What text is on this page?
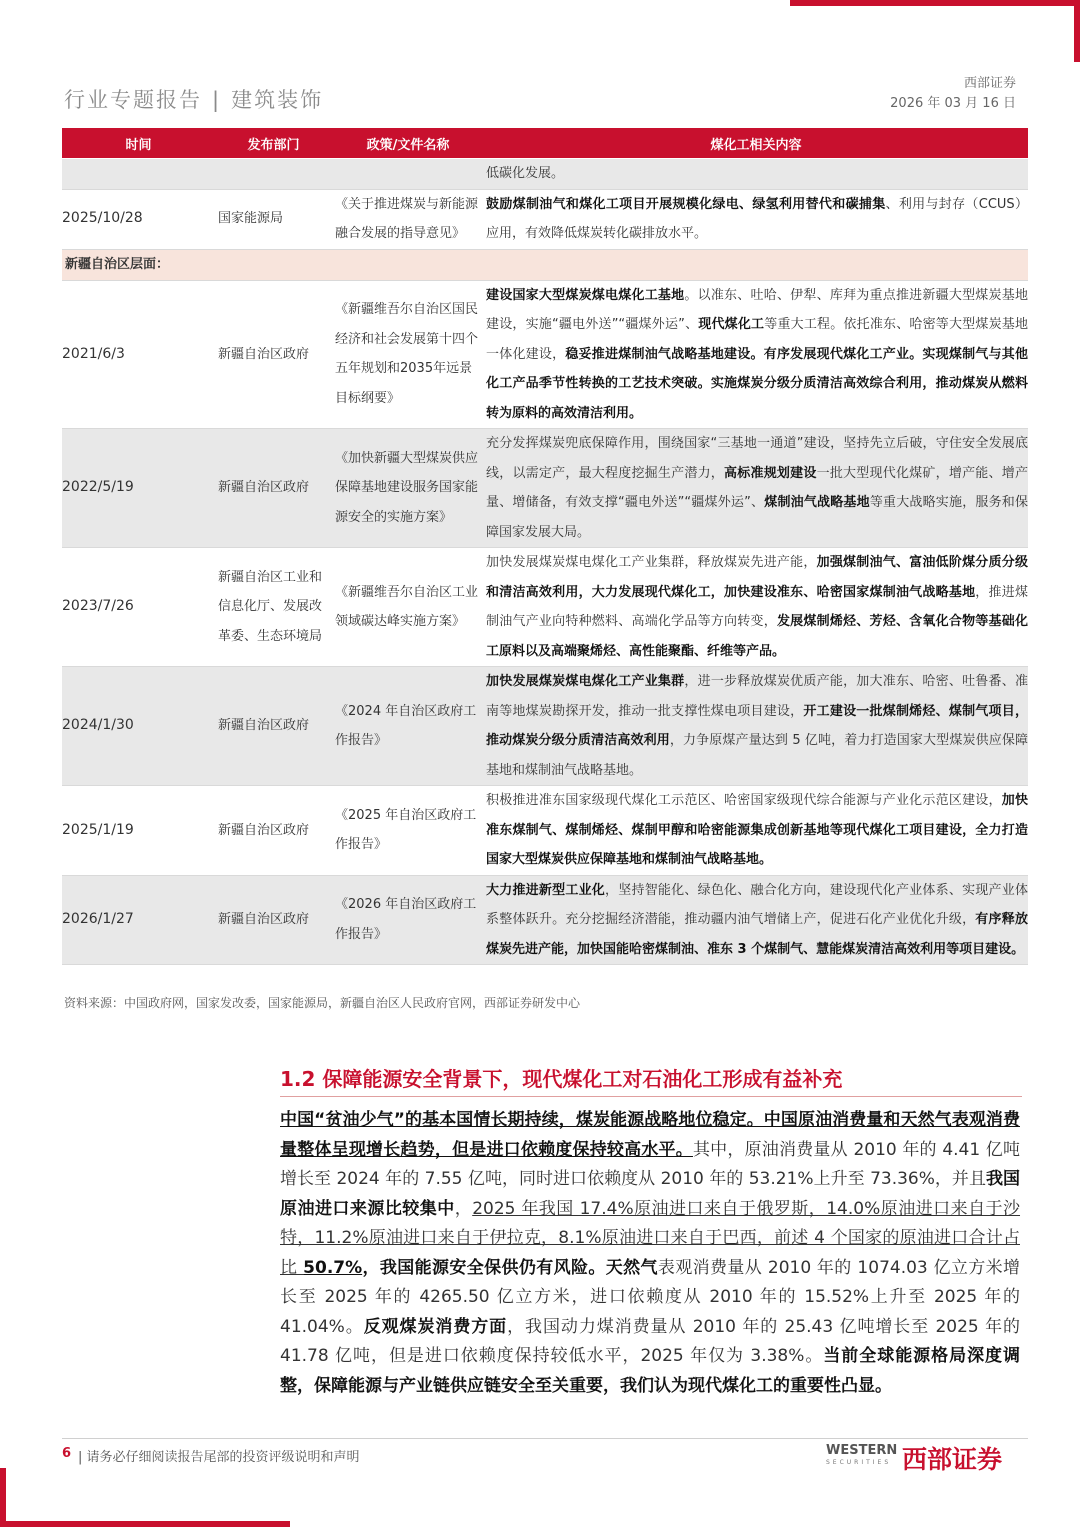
行业专题报告 | 建筑装饰
西部证券
2026 年 03 月 16 日
时间	发布部门	政策/文件名称	煤化工相关内容
			低碳化发展。
2025/10/28	国家能源局	《关于推进煤炭与新能源融合发展的指导意见》	鼓励煤制油气和煤化工项目开展规模化绿电、绿氢利用替代和碳捕集、利用与封存（CCUS）应用，有效降低煤炭转化碳排放水平。
新疆自治区层面：			
2021/6/3	新疆自治区政府	《新疆维吾尔自治区国民经济和社会发展第十四个五年规划和2035年远景目标纲要》	建设国家大型煤炭煤电煤化工基地。以准东、吐哈、伊犁、库拜为重点推进新疆大型煤炭基地建设，实施“疆电外送”“疆煤外运”、现代煤化工等重大工程。依托准东、哈密等大型煤炭基地一体化建设，稳妥推进煤制油气战略基地建设。有序发展现代煤化工产业。实现煤制气与其他化工产品季节性转换的工艺技术突破。实施煤炭分级分质清洁高效综合利用，推动煤炭从燃料转为原料的高效清洁利用。
2022/5/19	新疆自治区政府	《加快新疆大型煤炭供应保障基地建设服务国家能源安全的实施方案》	充分发挥煤炭兜底保障作用，围绕国家“三基地一通道”建设，坚持先立后破，守住安全发展底线，以需定产，最大程度挖掘生产潜力，高标准规划建设一批大型现代化煤矿，增产能、增产量、增储备，有效支撑“疆电外送”“疆煤外运”、煤制油气战略基地等重大战略实施，服务和保障国家发展大局。
2023/7/26	新疆自治区工业和信息化厅、发展改革委、生态环境局	《新疆维吾尔自治区工业领域碳达峰实施方案》	加快发展煤炭煤电煤化工产业集群，释放煤炭先进产能，加强煤制油气、富油低阶煤分质分级和清洁高效利用，大力发展现代煤化工，加快建设准东、哈密国家煤制油气战略基地，推进煤制油气产业向特种燃料、高端化学品等方向转变，发展煤制烯烃、芳烃、含氧化合物等基础化工原料以及高端聚烯烃、高性能聚酯、纤维等产品。
2024/1/30	新疆自治区政府	《2024 年自治区政府工作报告》	加快发展煤炭煤电煤化工产业集群，进一步释放煤炭优质产能，加大准东、哈密、吐鲁番、准南等地煤炭勘探开发，推动一批支撑性煤电项目建设，开工建设一批煤制烯烃、煤制气项目，推动煤炭分级分质清洁高效利用，力争原煤产量达到 5 亿吨，着力打造国家大型煤炭供应保障基地和煤制油气战略基地。
2025/1/19	新疆自治区政府	《2025 年自治区政府工作报告》	积极推进准东国家级现代煤化工示范区、哈密国家级现代综合能源与产业化示范区建设，加快准东煤制气、煤制烯烃、煤制甲醇和哈密能源集成创新基地等现代煤化工项目建设，全力打造国家大型煤炭供应保障基地和煤制油气战略基地。
2026/1/27	新疆自治区政府	《2026 年自治区政府工作报告》	大力推进新型工业化，坚持智能化、绿色化、融合化方向，建设现代化产业体系、实现产业体系整体跃升。充分挖掘经济潜能，推动疆内油气增储上产，促进石化产业优化升级，有序释放煤炭先进产能，加快国能哈密煤制油、准东 3 个煤制气、慧能煤炭清洁高效利用等项目建设。
资料来源：中国政府网，国家发改委，国家能源局，新疆自治区人民政府官网，西部证券研发中心
1.2 保障能源安全背景下，现代煤化工对石油化工形成有益补充
中国“贫油少气”的基本国情长期持续，煤炭能源战略地位稳定。中国原油消费量和天然气表观消费量整体呈现增长趋势，但是进口依赖度保持较高水平。其中，原油消费量从 2010 年的 4.41 亿吨增长至 2024 年的 7.55 亿吨，同时进口依赖度从 2010 年的 53.21%上升至 73.36%，并且我国原油进口来源比较集中，2025 年我国 17.4%原油进口来自于俄罗斯，14.0%原油进口来自于沙特，11.2%原油进口来自于伊拉克，8.1%原油进口来自于巴西，前述 4 个国家的原油进口合计占比 50.7%，我国能源安全保供仍有风险。天然气表观消费量从 2010 年的 1074.03 亿立方米增长至 2025 年的 4265.50 亿立方米，进口依赖度从 2010 年的 15.52%上升至 2025 年的 41.04%。反观煤炭消费方面，我国动力煤消费量从 2010 年的 25.43 亿吨增长至 2025 年的 41.78 亿吨，但是进口依赖度保持较低水平，2025 年仅为 3.38%。当前全球能源格局深度调整，保障能源与产业链供应链安全至关重要，我们认为现代煤化工的重要性凸显。
6 | 请务必仔细阅读报告尾部的投资评级说明和声明	WESTERN
SECURITIES 西部证券
